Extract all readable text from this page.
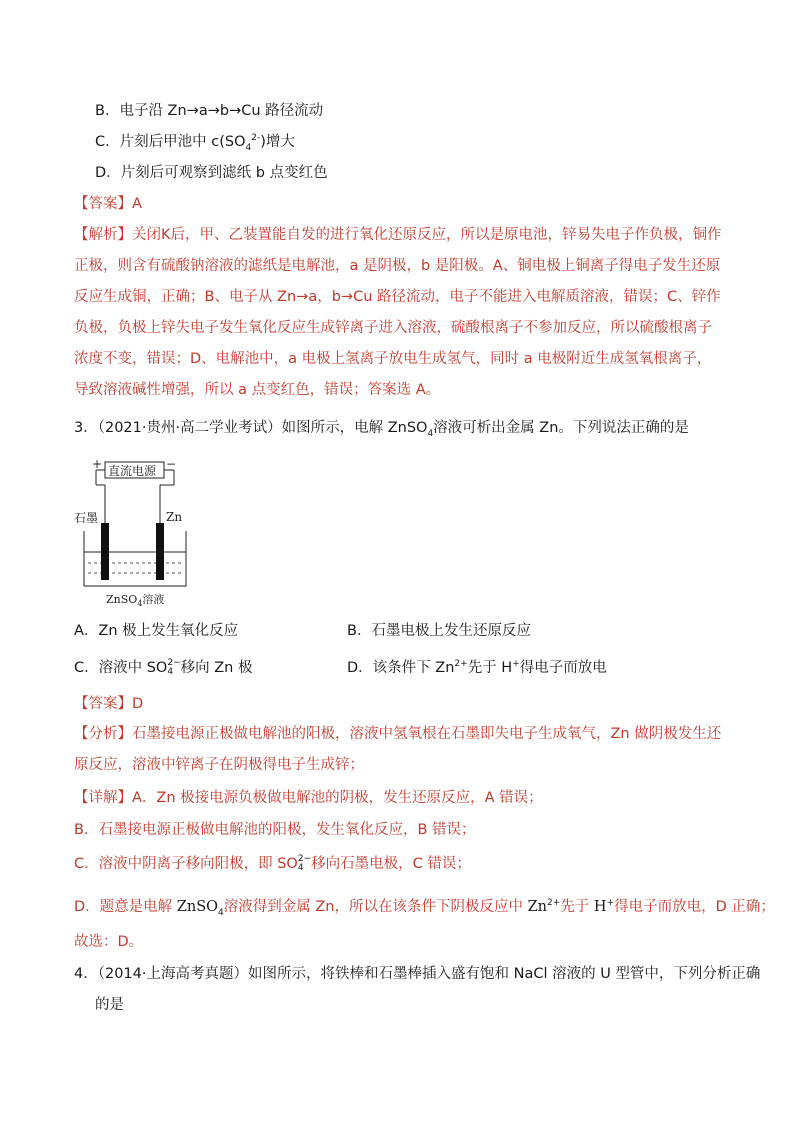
B．电子沿 Zn→a→b→Cu 路径流动
C．片刻后甲池中 $c(SO_4^{2-})$增大
D．片刻后可观察到滤纸 b 点变红色
【答案】A
【解析】关闭K后，甲、乙装置能自发的进行氧化还原反应，所以是原电池，锌易失电子作负极，铜作正极，则含有硫酸钠溶液的滤纸是电解池，a 是阴极，b 是阳极。A、铜电极上铜离子得电子发生还原反应生成铜，正确；B、电子从 Zn→a，b→Cu 路径流动，电子不能进入电解质溶液，错误；C、锌作负极，负极上锌失电子发生氧化反应生成锌离子进入溶液，硫酸根离子不参加反应，所以硫酸根离子浓度不变，错误；D、电解池中，a 电极上氢离子放电生成氢气，同时 a 电极附近生成氢氧根离子，导致溶液碱性增强，所以 a 点变红色，错误；答案选 A。
3．（2021·贵州·高二学业考试）如图所示，电解 ZnSO$_4$溶液可析出金属 Zn。下列说法正确的是
+	−
直流电源
石墨	Zn
ZnSO$_4$溶液
A．Zn 极上发生氧化反应	B．石墨电极上发生还原反应
C．溶液中 SO 2−
4 移向 Zn 极	D．该条件下 $Zn^{2+}$先于 H+得电子而放电
【答案】D
【分析】石墨接电源正极做电解池的阳极，溶液中氢氧根在石墨即失电子生成氧气，Zn 做阴极发生还原反应，溶液中锌离子在阴极得电子生成锌；
【详解】A．Zn 极接电源负极做电解池的阴极，发生还原反应，A 错误；
B．石墨接电源正极做电解池的阳极，发生氧化反应，B 错误；
C．溶液中阴离子移向阳极，即 SO 2−
4 移向石墨电极，C 错误；
D．题意是电解 ZnSO$_4$溶液得到金属 Zn，所以在该条件下阴极反应中 $Zn^{2+}$先于 H+得电子而放电，D 正确；
故选：D。
4．（2014·上海高考真题）如图所示，将铁棒和石墨棒插入盛有饱和 NaCl 溶液的 U 型管中，下列分析正确
的是
